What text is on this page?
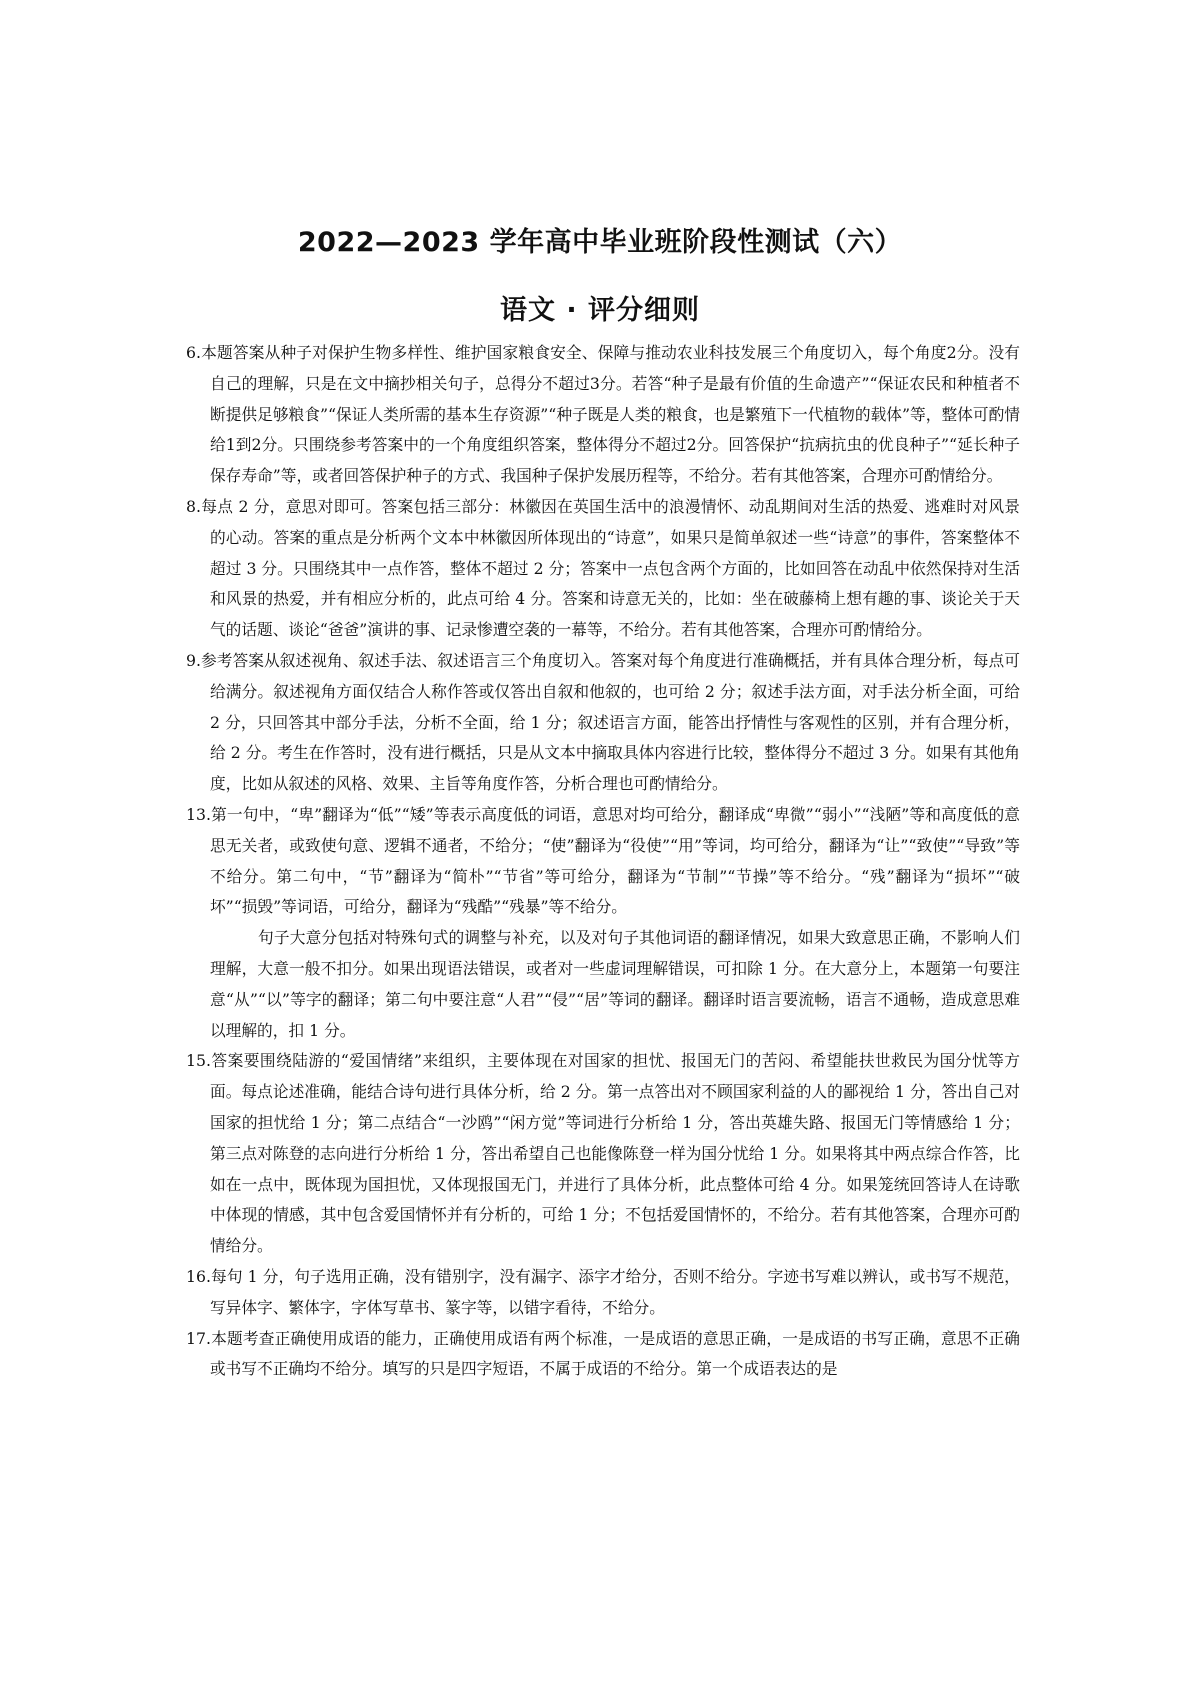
2022—2023 学年高中毕业班阶段性测试（六）
语文 · 评分细则

6.本题答案从种子对保护生物多样性、维护国家粮食安全、保障与推动农业科技发展三个角度切入，每个角度2分。没有自己的理解，只是在文中摘抄相关句子，总得分不超过3分。若答“种子是最有价值的生命遗产”“保证农民和种植者不断提供足够粮食”“保证人类所需的基本生存资源”“种子既是人类的粮食，也是繁殖下一代植物的载体”等，整体可酌情给1到2分。只围绕参考答案中的一个角度组织答案，整体得分不超过2分。回答保护“抗病抗虫的优良种子”“延长种子保存寿命”等，或者回答保护种子的方式、我国种子保护发展历程等，不给分。若有其他答案，合理亦可酌情给分。

8.每点 2 分，意思对即可。答案包括三部分：林徽因在英国生活中的浪漫情怀、动乱期间对生活的热爱、逃难时对风景的心动。答案的重点是分析两个文本中林徽因所体现出的“诗意”，如果只是简单叙述一些“诗意”的事件，答案整体不超过 3 分。只围绕其中一点作答，整体不超过 2 分；答案中一点包含两个方面的，比如回答在动乱中依然保持对生活和风景的热爱，并有相应分析的，此点可给 4 分。答案和诗意无关的，比如：坐在破藤椅上想有趣的事、谈论关于天气的话题、谈论“爸爸”演讲的事、记录惨遭空袭的一幕等，不给分。若有其他答案，合理亦可酌情给分。

9.参考答案从叙述视角、叙述手法、叙述语言三个角度切入。答案对每个角度进行准确概括，并有具体合理分析，每点可给满分。叙述视角方面仅结合人称作答或仅答出自叙和他叙的，也可给 2 分；叙述手法方面，对手法分析全面，可给 2 分，只回答其中部分手法，分析不全面，给 1 分；叙述语言方面，能答出抒情性与客观性的区别，并有合理分析，给 2 分。考生在作答时，没有进行概括，只是从文本中摘取具体内容进行比较，整体得分不超过 3 分。如果有其他角度，比如从叙述的风格、效果、主旨等角度作答，分析合理也可酌情给分。

13.第一句中，“卑”翻译为“低”“矮”等表示高度低的词语，意思对均可给分，翻译成“卑微”“弱小”“浅陋”等和高度低的意思无关者，或致使句意、逻辑不通者，不给分；“使”翻译为“役使”“用”等词，均可给分，翻译为“让”“致使”“导致”等不给分。第二句中，“节”翻译为“简朴”“节省”等可给分，翻译为“节制”“节操”等不给分。“残”翻译为“损坏”“破坏”“损毁”等词语，可给分，翻译为“残酷”“残暴”等不给分。

句子大意分包括对特殊句式的调整与补充，以及对句子其他词语的翻译情况，如果大致意思正确，不影响人们理解，大意一般不扣分。如果出现语法错误，或者对一些虚词理解错误，可扣除 1 分。在大意分上，本题第一句要注意“从”“以”等字的翻译；第二句中要注意“人君”“侵”“居”等词的翻译。翻译时语言要流畅，语言不通畅，造成意思难以理解的，扣 1 分。

15.答案要围绕陆游的“爱国情绪”来组织，主要体现在对国家的担忧、报国无门的苦闷、希望能扶世救民为国分忧等方面。每点论述准确，能结合诗句进行具体分析，给 2 分。第一点答出对不顾国家利益的人的鄙视给 1 分，答出自己对国家的担忧给 1 分；第二点结合“一沙鸥”“闲方觉”等词进行分析给 1 分，答出英雄失路、报国无门等情感给 1 分；第三点对陈登的志向进行分析给 1 分，答出希望自己也能像陈登一样为国分忧给 1 分。如果将其中两点综合作答，比如在一点中，既体现为国担忧，又体现报国无门，并进行了具体分析，此点整体可给 4 分。如果笼统回答诗人在诗歌中体现的情感，其中包含爱国情怀并有分析的，可给 1 分；不包括爱国情怀的，不给分。若有其他答案，合理亦可酌情给分。

16.每句 1 分，句子选用正确，没有错别字，没有漏字、添字才给分，否则不给分。字迹书写难以辨认，或书写不规范，写异体字、繁体字，字体写草书、篆字等，以错字看待，不给分。

17.本题考查正确使用成语的能力，正确使用成语有两个标准，一是成语的意思正确，一是成语的书写正确，意思不正确或书写不正确均不给分。填写的只是四字短语，不属于成语的不给分。第一个成语表达的是
